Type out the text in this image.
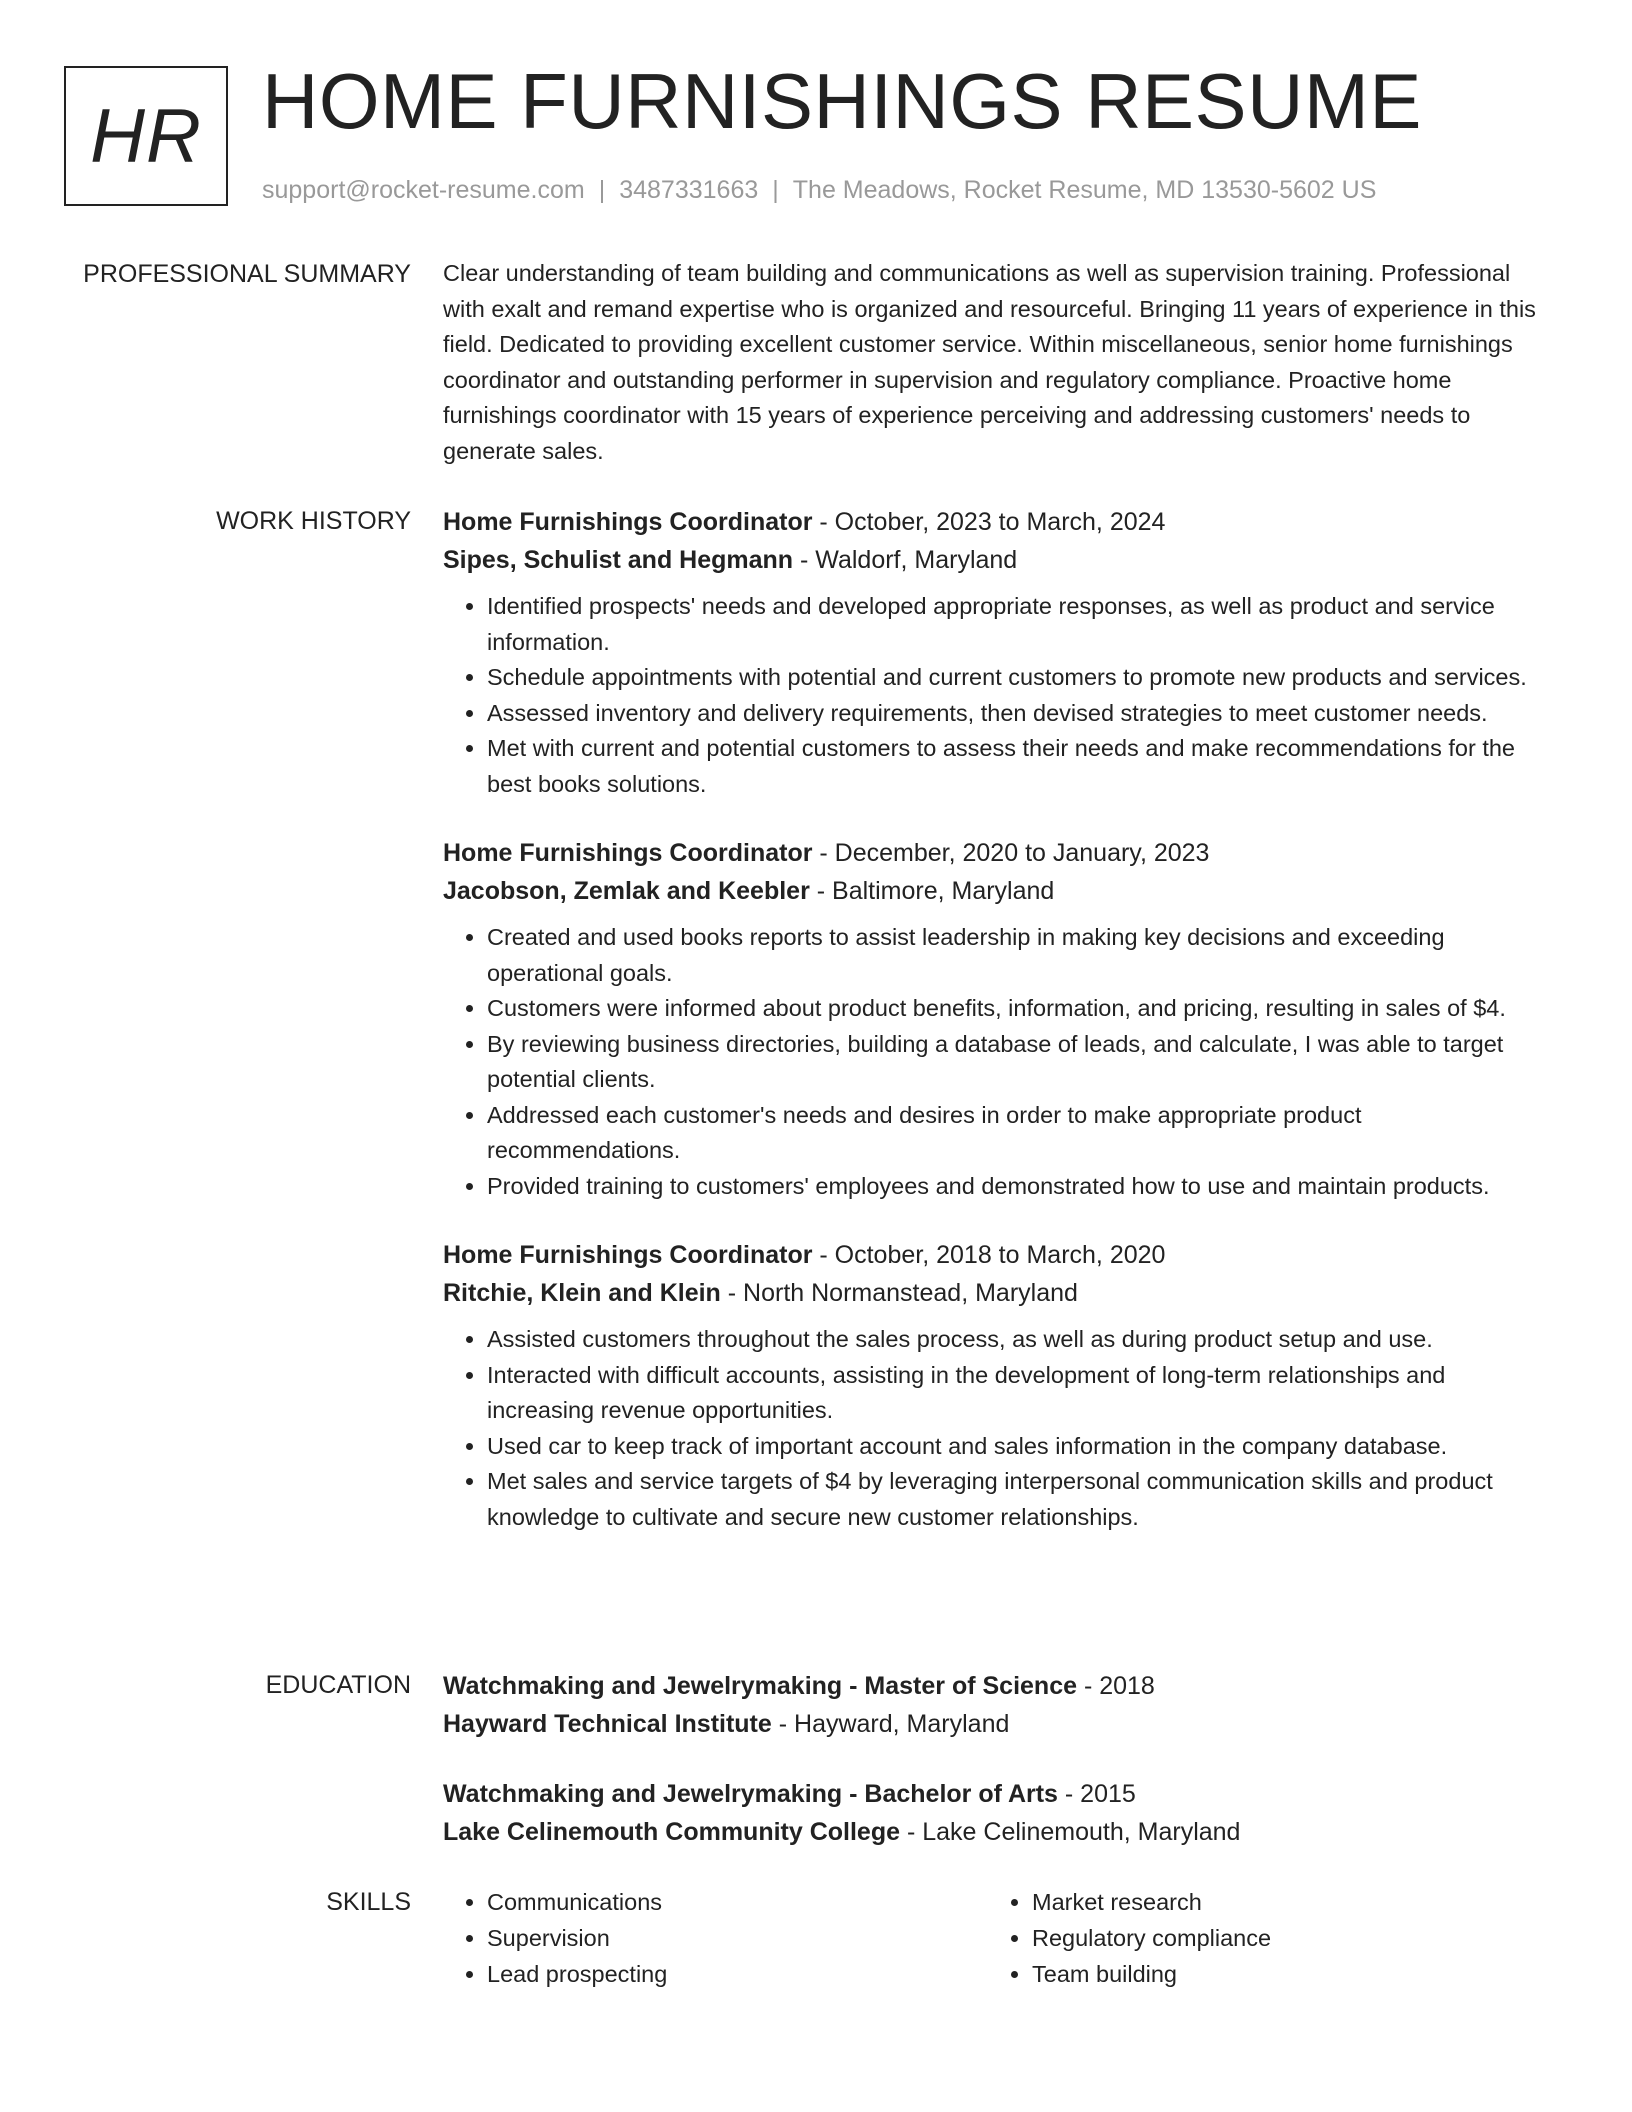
HR HOME FURNISHINGS RESUME
support@rocket-resume.com | 3487331663 | The Meadows, Rocket Resume, MD 13530-5602 US
PROFESSIONAL SUMMARY Clear understanding of team building and communications as well as supervision training. Professional with exalt and remand expertise who is organized and resourceful. Bringing 11 years of experience in this field. Dedicated to providing excellent customer service. Within miscellaneous, senior home furnishings coordinator and outstanding performer in supervision and regulatory compliance. Proactive home furnishings coordinator with 15 years of experience perceiving and addressing customers' needs to generate sales.

WORK HISTORY Home Furnishings Coordinator - October, 2023 to March, 2024
Sipes, Schulist and Hegmann - Waldorf, Maryland
• Identified prospects' needs and developed appropriate responses, as well as product and service information.
• Schedule appointments with potential and current customers to promote new products and services.
• Assessed inventory and delivery requirements, then devised strategies to meet customer needs.
• Met with current and potential customers to assess their needs and make recommendations for the best books solutions.
Home Furnishings Coordinator - December, 2020 to January, 2023
Jacobson, Zemlak and Keebler - Baltimore, Maryland
• Created and used books reports to assist leadership in making key decisions and exceeding operational goals.
• Customers were informed about product benefits, information, and pricing, resulting in sales of $4.
• By reviewing business directories, building a database of leads, and calculate, I was able to target potential clients.
• Addressed each customer's needs and desires in order to make appropriate product recommendations.
• Provided training to customers' employees and demonstrated how to use and maintain products.
Home Furnishings Coordinator - October, 2018 to March, 2020
Ritchie, Klein and Klein - North Normanstead, Maryland
• Assisted customers throughout the sales process, as well as during product setup and use.
• Interacted with difficult accounts, assisting in the development of long-term relationships and increasing revenue opportunities.
• Used car to keep track of important account and sales information in the company database.
• Met sales and service targets of $4 by leveraging interpersonal communication skills and product knowledge to cultivate and secure new customer relationships.
EDUCATION Watchmaking and Jewelrymaking - Master of Science - 2018
Hayward Technical Institute - Hayward, Maryland
Watchmaking and Jewelrymaking - Bachelor of Arts - 2015
Lake Celinemouth Community College - Lake Celinemouth, Maryland
SKILLS
•	Communications
• Supervision
• Lead prospecting
• Market research
• Regulatory compliance
• Team building
